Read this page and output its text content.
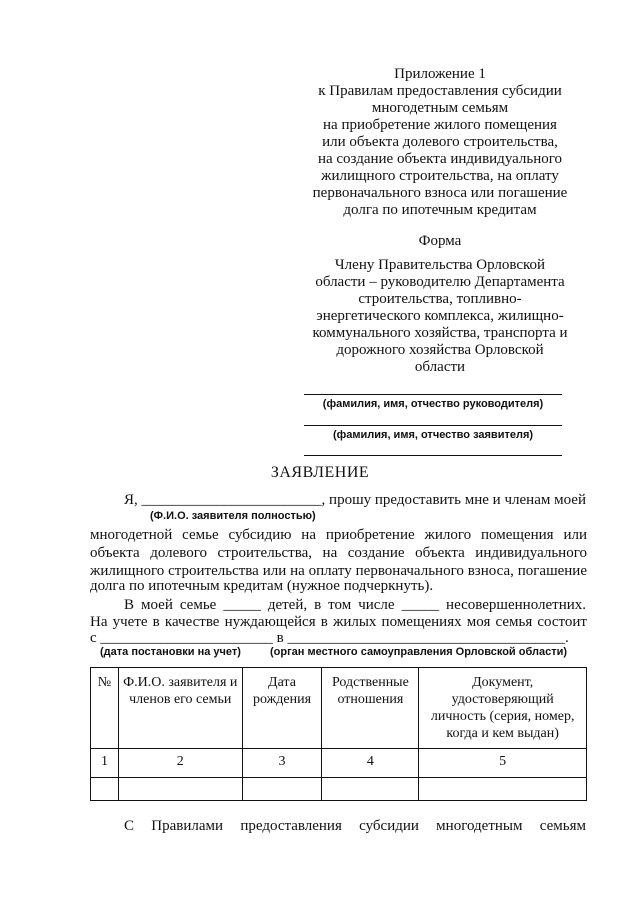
Приложение 1
к Правилам предоставления субсидии
многодетным семьям
на приобретение жилого помещения
или объекта долевого строительства,
на создание объекта индивидуального
жилищного строительства, на оплату
первоначального взноса или погашение
долга по ипотечным кредитам
Форма
Члену Правительства Орловской
области – руководителю Департамента
строительства, топливно-
энергетического комплекса, жилищно-
коммунального хозяйства, транспорта и
дорожного хозяйства Орловской
области
(фамилия, имя, отчество руководителя)
(фамилия, имя, отчество заявителя)
ЗАЯВЛЕНИЕ
Я, ________________________, прошу предоставить мне и членам моей
(Ф.И.О. заявителя полностью)
многодетной семье субсидию на приобретение жилого помещения или
объекта долевого строительства, на создание объекта индивидуального
жилищного строительства или на оплату первоначального взноса, погашение
долга по ипотечным кредитам (нужное подчеркнуть).
В моей семье _____ детей, в том числе _____ несовершеннолетних.
На учете в качестве нуждающейся в жилых помещениях моя семья состоит
с _______________________ в _____________________________________.
(дата постановки на учет)	(орган местного самоуправления Орловской области)
№	Ф.И.О. заявителя и членов его семьи	Дата рождения	Родственные отношения	Документ, удостоверяющий личность (серия, номер, когда и кем выдан)
1	2	3	4	5

С Правилами предоставления субсидии многодетным семьям
